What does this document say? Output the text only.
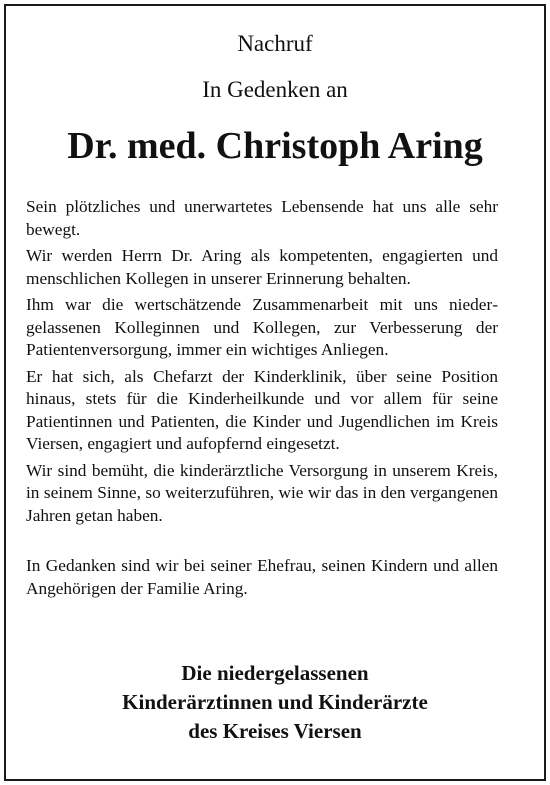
Nachruf
In Gedenken an
Dr. med. Christoph Aring

Sein plötzliches und unerwartetes Lebensende hat uns alle sehr bewegt.

Wir werden Herrn Dr. Aring als kompetenten, engagierten und menschlichen Kollegen in unserer Erinnerung behalten.

Ihm war die wertschätzende Zusammenarbeit mit uns niedergelassenen Kolleginnen und Kollegen, zur Verbesserung der Patientenversorgung, immer ein wichtiges Anliegen.

Er hat sich, als Chefarzt der Kinderklinik, über seine Position hinaus, stets für die Kinderheilkunde und vor allem für seine Patientinnen und Patienten, die Kinder und Jugendlichen im Kreis Viersen, engagiert und aufopfernd eingesetzt.

Wir sind bemüht, die kinderärztliche Versorgung in unserem Kreis, in seinem Sinne, so weiterzuführen, wie wir das in den vergangenen Jahren getan haben.

In Gedanken sind wir bei seiner Ehefrau, seinen Kindern und allen Angehörigen der Familie Aring.

Die niedergelassenen
Kinderärztinnen und Kinderärzte
des Kreises Viersen
